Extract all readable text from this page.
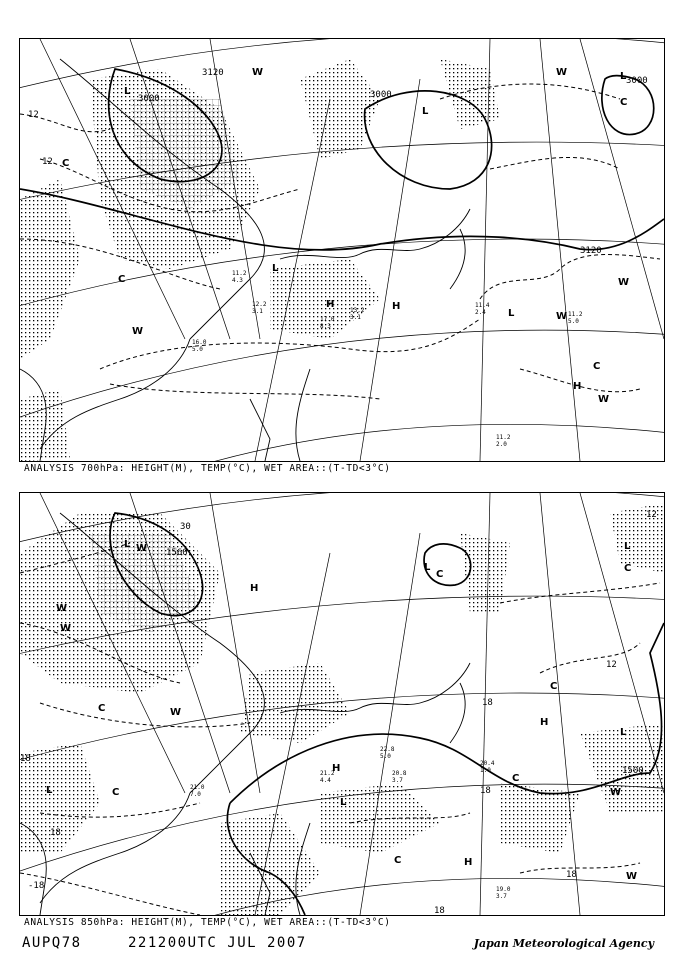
3000
3120
3000
3000
3120
12
12
L
L
L
L
L
C
C
C
W	W
W
W
H	H
H
W
W
C
11.4
2.4	11.2
5.0
11.2
2.0
13.2
3.1
16.0
5.0
12.2
3.1
17.0
8.3
11.2
4.3
ANALYSIS 700hPa: HEIGHT(M), TEMP(°C), WET AREA::(T-TD<3°C)
1560
1500
30
12
12
18
18
18
-18
18
18
18
L W
H
L
C
C	W
W
H
L
C	H
C
H
L
C
W
C
L
W
W
L	C
20.4
1.0
19.0
3.7
22.8
5.0
20.8
3.7
21.2
4.4
21.0
7.0
ANALYSIS 850hPa: HEIGHT(M), TEMP(°C), WET AREA::(T-TD<3°C)
AUPQ78	221200UTC JUL 2007	Japan Meteorological Agency
